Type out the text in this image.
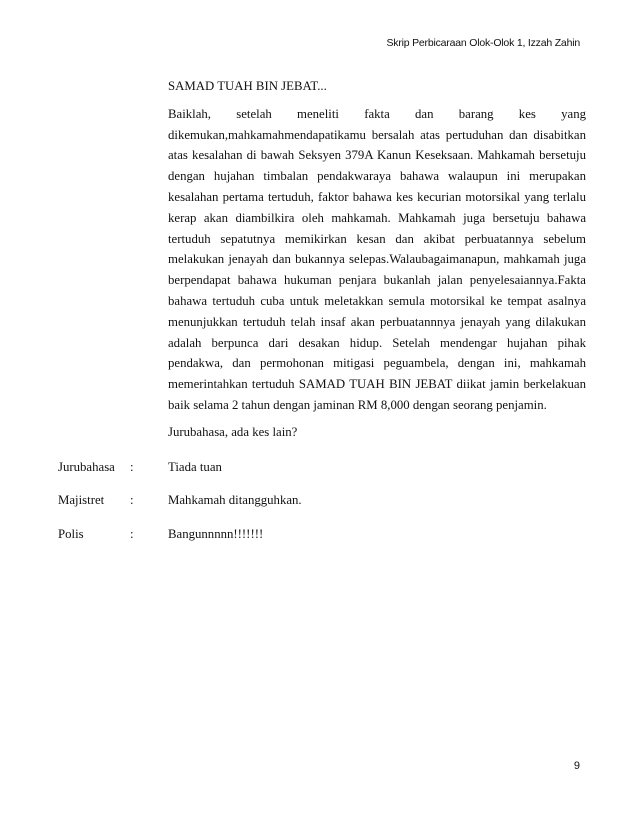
Skrip Perbicaraan Olok-Olok 1, Izzah Zahin
SAMAD TUAH BIN JEBAT...
Baiklah, setelah meneliti fakta dan barang kes yang dikemukan,mahkamahmendapatikamu bersalah atas pertuduhan dan disabitkan atas kesalahan di bawah Seksyen 379A Kanun Keseksaan. Mahkamah bersetuju dengan hujahan timbalan pendakwaraya bahawa walaupun ini merupakan kesalahan pertama tertuduh, faktor bahawa kes kecurian motorsikal yang terlalu kerap akan diambilkira oleh mahkamah. Mahkamah juga bersetuju bahawa tertuduh sepatutnya memikirkan kesan dan akibat perbuatannya sebelum melakukan jenayah dan bukannya selepas.Walaubagaimanapun, mahkamah juga berpendapat bahawa hukuman penjara bukanlah jalan penyelesaiannya.Fakta bahawa tertuduh cuba untuk meletakkan semula motorsikal ke tempat asalnya menunjukkan tertuduh telah insaf akan perbuatannnya jenayah yang dilakukan adalah berpunca dari desakan hidup. Setelah mendengar hujahan pihak pendakwa, dan permohonan mitigasi peguambela, dengan ini, mahkamah memerintahkan tertuduh SAMAD TUAH BIN JEBAT diikat jamin berkelakuan baik selama 2 tahun dengan jaminan RM 8,000 dengan seorang penjamin.
Jurubahasa, ada kes lain?
Jurubahasa	:	Tiada tuan
Majistret	:	Mahkamah ditangguhkan.
Polis	:	Bangunnnnn!!!!!!!
9
